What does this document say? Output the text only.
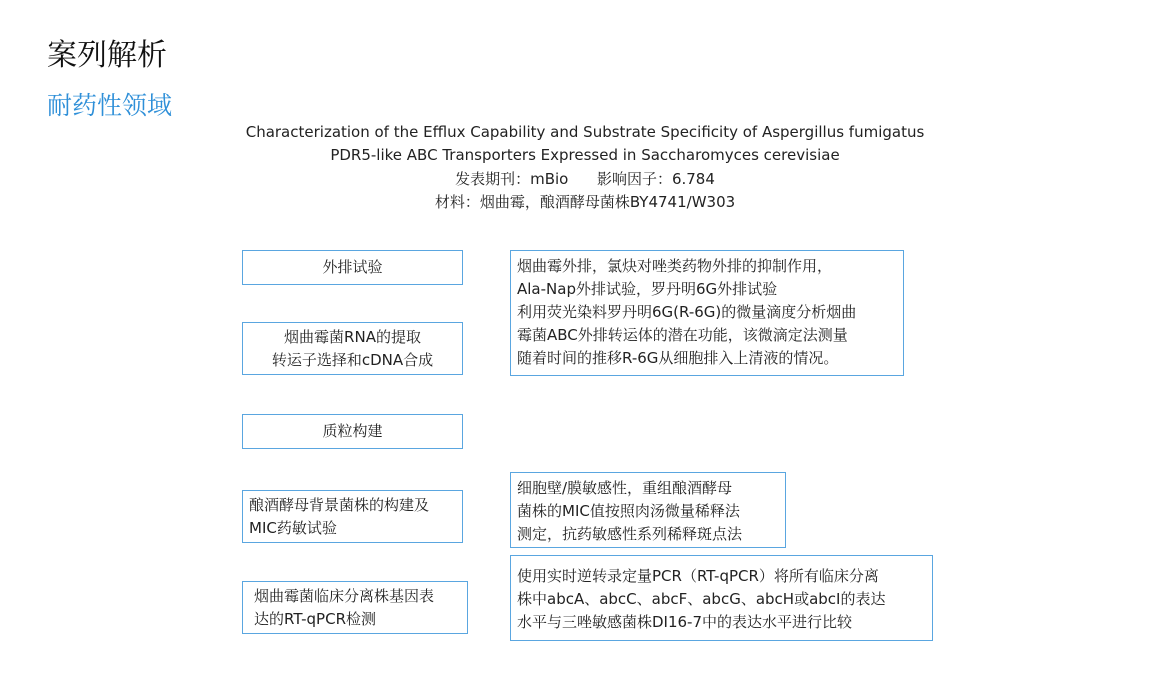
案列解析
耐药性领域
Characterization of the Efflux Capability and Substrate Specificity of Aspergillus fumigatus
PDR5-like ABC Transporters Expressed in Saccharomyces cerevisiae
发表期刊：mBio      影响因子：6.784
材料：烟曲霉，酿酒酵母菌株BY4741/W303
外排试验
烟曲霉菌RNA的提取
转运子选择和cDNA合成
质粒构建
酿酒酵母背景菌株的构建及
MIC药敏试验
烟曲霉菌临床分离株基因表
达的RT-qPCR检测
烟曲霉外排，氯炔对唑类药物外排的抑制作用，
Ala-Nap外排试验，罗丹明6G外排试验
利用荧光染料罗丹明6G(R-6G)的微量滴度分析烟曲
霉菌ABC外排转运体的潜在功能，该微滴定法测量
随着时间的推移R-6G从细胞排入上清液的情况。
细胞壁/膜敏感性，重组酿酒酵母
菌株的MIC值按照肉汤微量稀释法
测定，抗药敏感性系列稀释斑点法
使用实时逆转录定量PCR（RT-qPCR）将所有临床分离
株中abcA、abcC、abcF、abcG、abcH或abcI的表达
水平与三唑敏感菌株DI16-7中的表达水平进行比较
